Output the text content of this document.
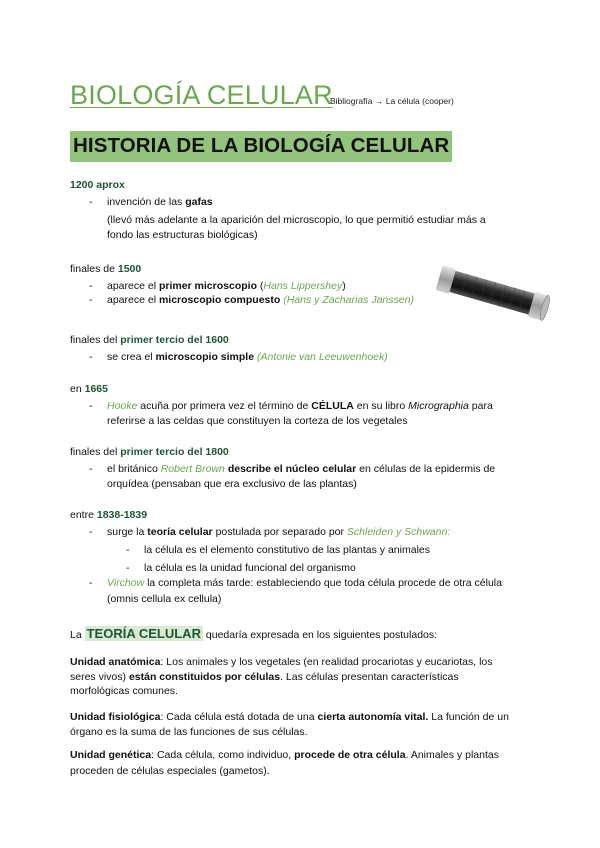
BIOLOGÍA CELULAR
Bibliografía → La célula (cooper)
HISTORIA DE LA BIOLOGÍA CELULAR
1200 aprox
- invención de las gafas
(llevó más adelante a la aparición del microscopio, lo que permitió estudiar más a
fondo las estructuras biológicas)
finales de 1500
- aparece el primer microscopio (Hans Lippershey)
- aparece el microscopio compuesto (Hans y Zacharias Janssen)
finales del primer tercio del 1600
- se crea el microscopio simple (Antonie van Leeuwenhoek)
en 1665
- Hooke acuña por primera vez el término de CÉLULA en su libro Micrographia para
referirse a las celdas que constituyen la corteza de los vegetales
finales del primer tercio del 1800
- el británico Robert Brown describe el núcleo celular en células de la epidermis de
orquídea (pensaban que era exclusivo de las plantas)
entre 1838-1839
- surge la teoría celular postulada por separado por Schleiden y Schwann:
- la célula es el elemento constitutivo de las plantas y animales
- la célula es la unidad funcional del organismo
- Virchow la completa más tarde: estableciendo que toda célula procede de otra célula
(omnis cellula ex cellula)
La TEORÍA CELULAR quedaría expresada en los siguientes postulados:
Unidad anatómica: Los animales y los vegetales (en realidad procariotas y eucariotas, los
seres vivos) están constituidos por células. Las células presentan características
morfológicas comunes.
Unidad fisiológica: Cada célula está dotada de una cierta autonomía vital. La función de un
órgano es la suma de las funciones de sus células.
Unidad genética: Cada célula, como individuo, procede de otra célula. Animales y plantas
proceden de células especiales (gametos).
